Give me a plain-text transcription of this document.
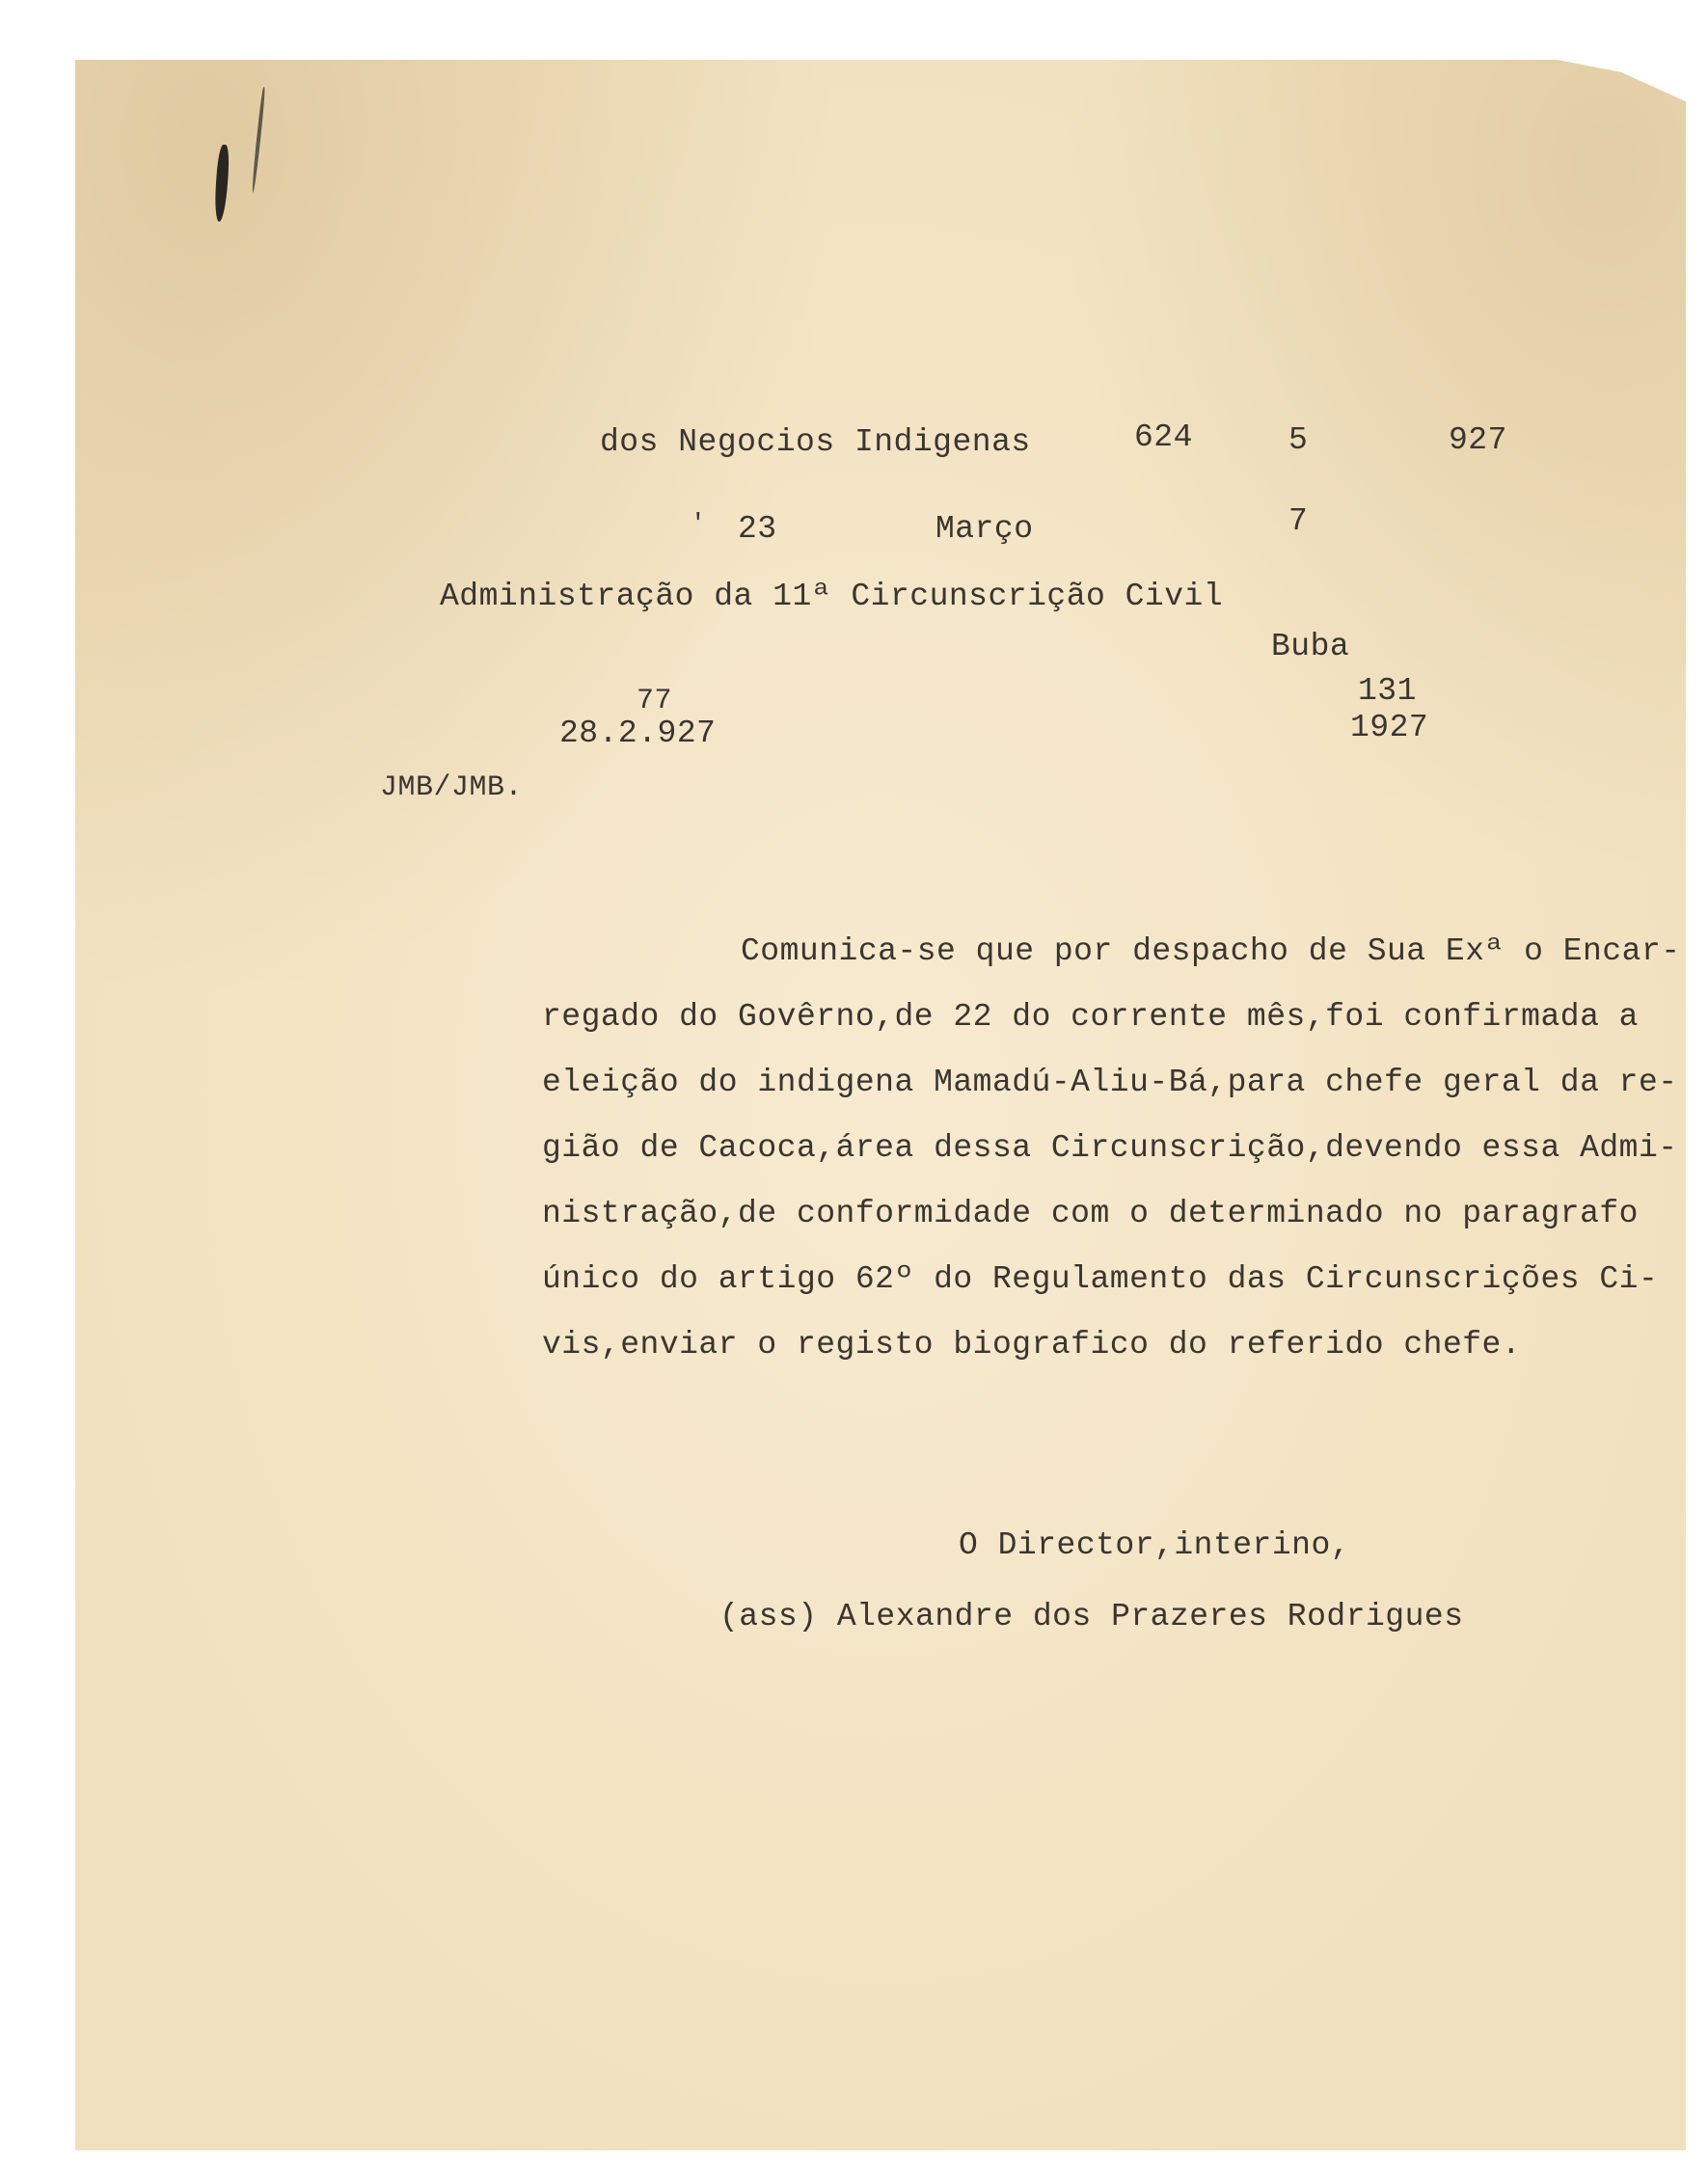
dos Negocios Indigenas	624	5	927
' 23	Março	7
Administração da 11ª Circunscrição Civil
Buba
131
1927
28.2.927
77
JMB/JMB.
Comunica-se que por despacho de Sua Exª o Encar-
regado do Govêrno,de 22 do corrente mês,foi confirmada a
eleição do indigena Mamadú-Aliu-Bá,para chefe geral da re-
gião de Cacoca,área dessa Circunscrição,devendo essa Admi-
nistração,de conformidade com o determinado no paragrafo
único do artigo 62º do Regulamento das Circunscrições Ci-
vis,enviar o registo biografico do referido chefe.
O Director,interino,
(ass) Alexandre dos Prazeres Rodrigues
